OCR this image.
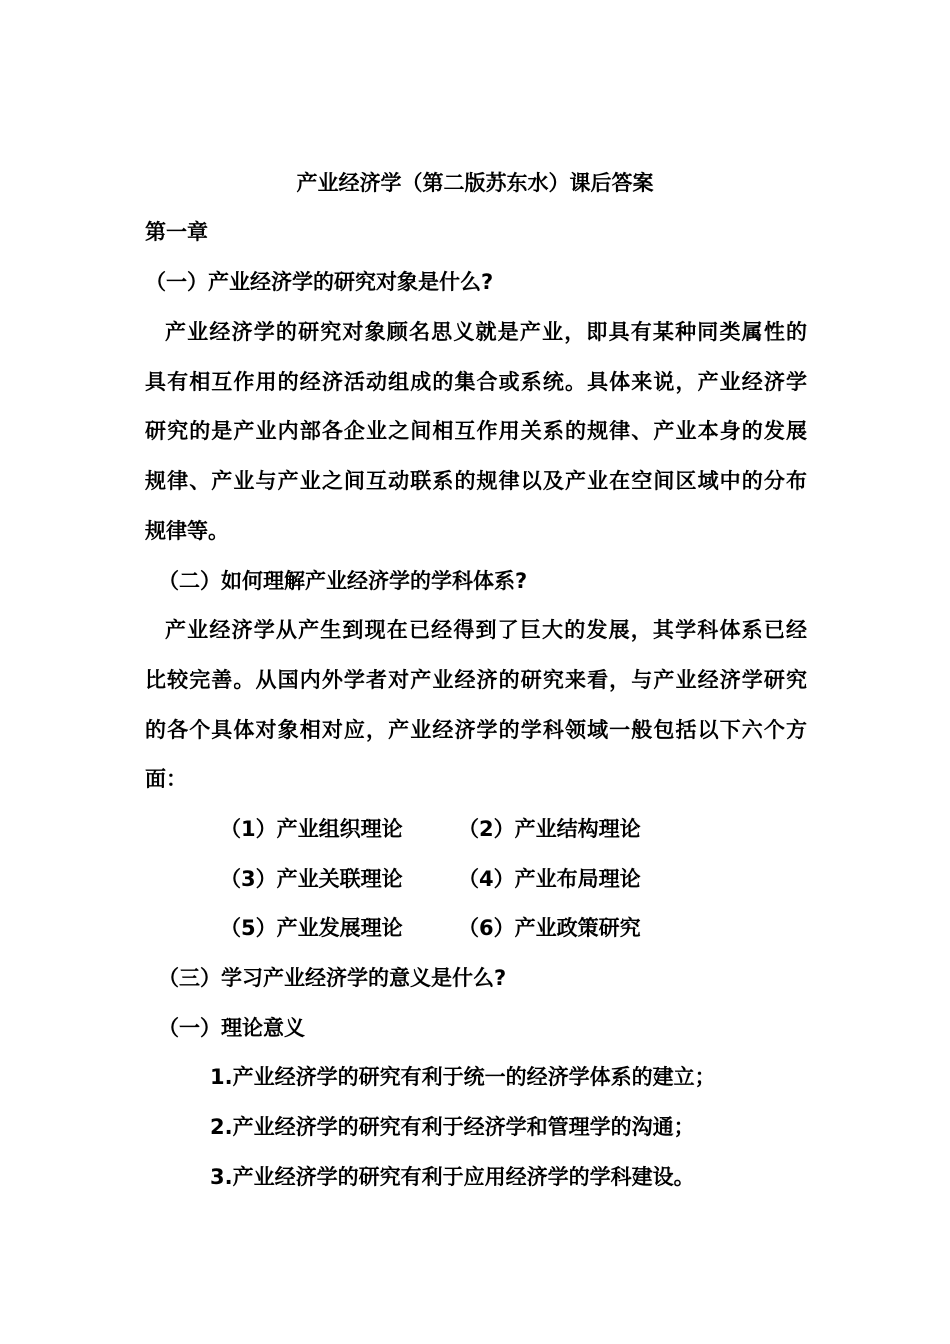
产业经济学（第二版苏东水）课后答案
第一章
（一）产业经济学的研究对象是什么?
产业经济学的研究对象顾名思义就是产业，即具有某种同类属性的
具有相互作用的经济活动组成的集合或系统。具体来说，产业经济学
研究的是产业内部各企业之间相互作用关系的规律、产业本身的发展
规律、产业与产业之间互动联系的规律以及产业在空间区域中的分布
规律等。
（二）如何理解产业经济学的学科体系?
产业经济学从产生到现在已经得到了巨大的发展，其学科体系已经
比较完善。从国内外学者对产业经济的研究来看，与产业经济学研究
的各个具体对象相对应，产业经济学的学科领域一般包括以下六个方
面：
（1）产业组织理论	（2）产业结构理论
（3）产业关联理论	（4）产业布局理论
（5）产业发展理论	（6）产业政策研究
（三）学习产业经济学的意义是什么?
（一）理论意义
1.产业经济学的研究有利于统一的经济学体系的建立；
2.产业经济学的研究有利于经济学和管理学的沟通；
3.产业经济学的研究有利于应用经济学的学科建设。
